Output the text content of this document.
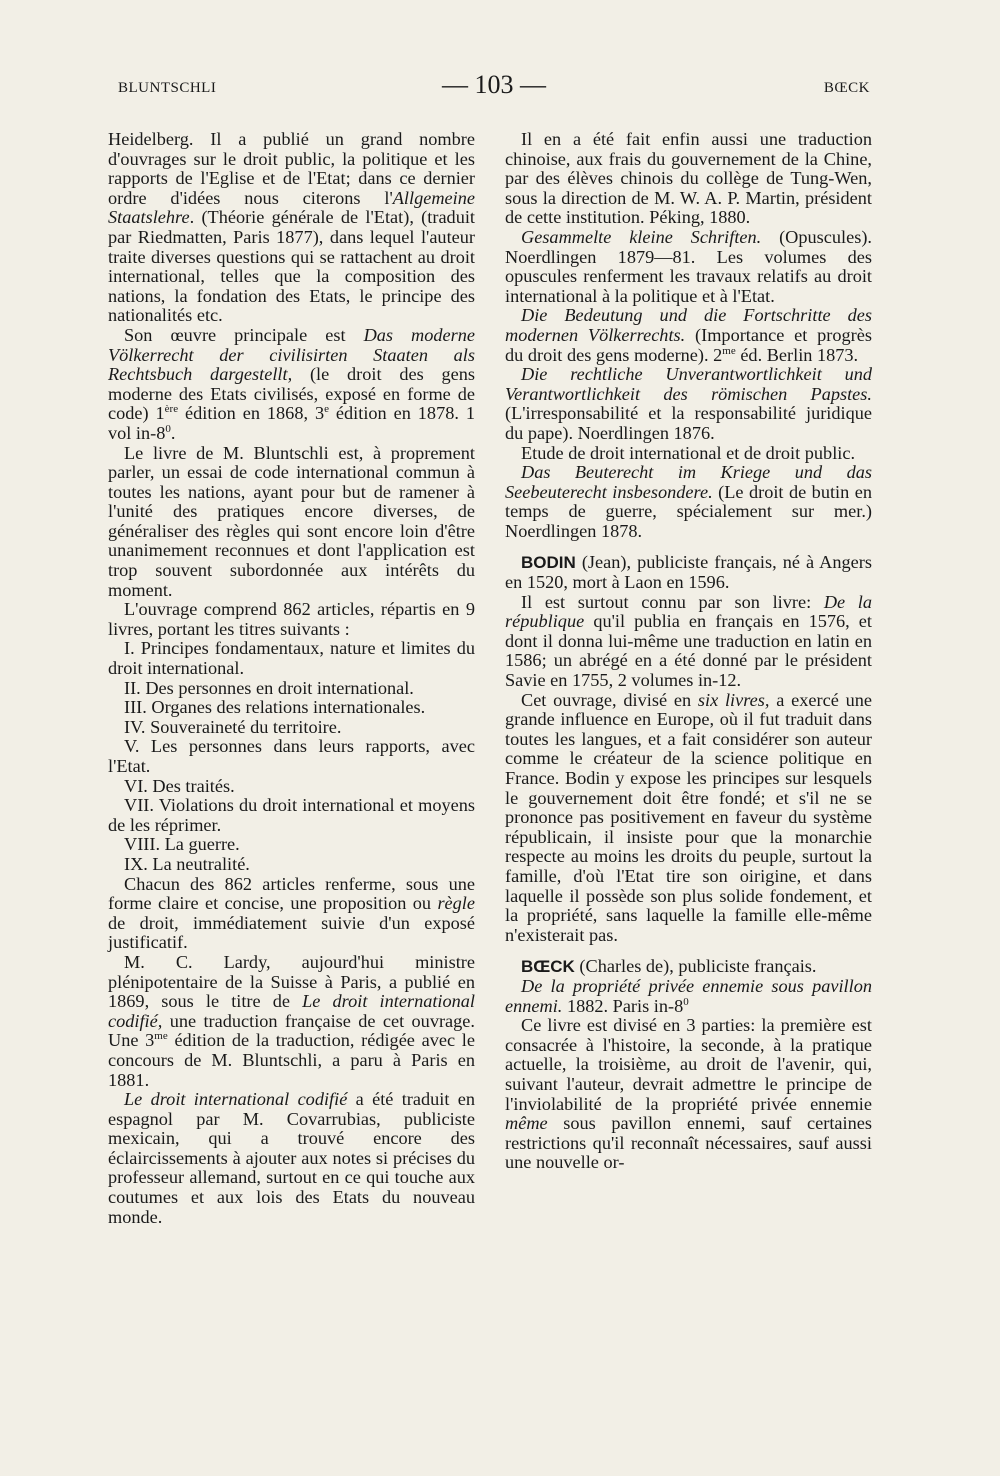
BLUNTSCHLI	— 103 —	BŒCK

Heidelberg. Il a publié un grand nombre d'ouvrages sur le droit public, la politique et les rapports de l'Eglise et de l'Etat; dans ce dernier ordre d'idées nous citerons l'Allgemeine Staatslehre. (Théorie générale de l'Etat), (traduit par Riedmatten, Paris 1877), dans lequel l'auteur traite diverses questions qui se rattachent au droit international, telles que la composition des nations, la fondation des Etats, le principe des nationalités etc.

Son œuvre principale est Das moderne Völkerrecht der civilisirten Staaten als Rechtsbuch dargestellt, (le droit des gens moderne des Etats civilisés, exposé en forme de code) 1ère édition en 1868, 3e édition en 1878. 1 vol $in-8^0$.

Le livre de M. Bluntschli est, à proprement parler, un essai de code international commun à toutes les nations, ayant pour but de ramener à l'unité des pratiques encore diverses, de généraliser des règles qui sont encore loin d'être unanimement reconnues et dont l'application est trop souvent subordonnée aux intérêts du moment.

L'ouvrage comprend 862 articles, répartis en 9 livres, portant les titres suivants :

I. Principes fondamentaux, nature et limites du droit international.

II. Des personnes en droit international.

III. Organes des relations internationales.

IV. Souveraineté du territoire.

V. Les personnes dans leurs rapports, avec l'Etat.

VI. Des traités.

VII. Violations du droit international et moyens de les réprimer.

VIII. La guerre.

IX. La neutralité.

Chacun des 862 articles renferme, sous une forme claire et concise, une proposition ou règle de droit, immédiatement suivie d'un exposé justificatif.

M. C. Lardy, aujourd'hui ministre plénipotentaire de la Suisse à Paris, a publié en 1869, sous le titre de Le droit international codifié, une traduction française de cet ouvrage. Une $3^{me}$ édition de la traduction, rédigée avec le concours de M. Bluntschli, a paru à Paris en 1881.

Le droit international codifié a été traduit en espagnol par M. Covarrubias, publiciste mexicain, qui a trouvé encore des éclaircissements à ajouter aux notes si précises du professeur allemand, surtout en ce qui touche aux coutumes et aux lois des Etats du nouveau monde.

Il en a été fait enfin aussi une traduction chinoise, aux frais du gouvernement de la Chine, par des élèves chinois du collège de Tung-Wen, sous la direction de M. W. A. P. Martin, président de cette institution. Péking, 1880.

Gesammelte kleine Schriften. (Opuscules). Noerdlingen 1879—81. Les volumes des opuscules renferment les travaux relatifs au droit international à la politique et à l'Etat.

Die Bedeutung und die Fortschritte des modernen Völkerrechts. (Importance et progrès du droit des gens moderne). $2^{me}$ éd. Berlin 1873.

Die rechtliche Unverantwortlichkeit und Verantwortlichkeit des römischen Papstes. (L'irresponsabilité et la responsabilité juridique du pape). Noerdlingen 1876.

Etude de droit international et de droit public.

Das Beuterecht im Kriege und das Seebeuterecht insbesondere. (Le droit de butin en temps de guerre, spécialement sur mer.) Noerdlingen 1878.

BODIN (Jean), publiciste français, né à Angers en 1520, mort à Laon en 1596.

Il est surtout connu par son livre: De la république qu'il publia en français en 1576, et dont il donna lui-même une traduction en latin en 1586; un abrégé en a été donné par le président Savie en 1755, 2 volumes in-12.

Cet ouvrage, divisé en six livres, a exercé une grande influence en Europe, où il fut traduit dans toutes les langues, et a fait considérer son auteur comme le créateur de la science politique en France. Bodin y expose les principes sur lesquels le gouvernement doit être fondé; et s'il ne se prononce pas positivement en faveur du système républicain, il insiste pour que la monarchie respecte au moins les droits du peuple, surtout la famille, d'où l'Etat tire son oirigine, et dans laquelle il possède son plus solide fondement, et la propriété, sans laquelle la famille elle-même n'existerait pas.

BŒCK (Charles de), publiciste français.

De la propriété privée ennemie sous pavillon ennemi. 1882. Paris $in-8^0$

Ce livre est divisé en 3 parties: la première est consacrée à l'histoire, la seconde, à la pratique actuelle, la troisième, au droit de l'avenir, qui, suivant l'auteur, devrait admettre le principe de l'inviolabilité de la propriété privée ennemie même sous pavillon ennemi, sauf certaines restrictions qu'il reconnaît nécessaires, sauf aussi une nouvelle or-
